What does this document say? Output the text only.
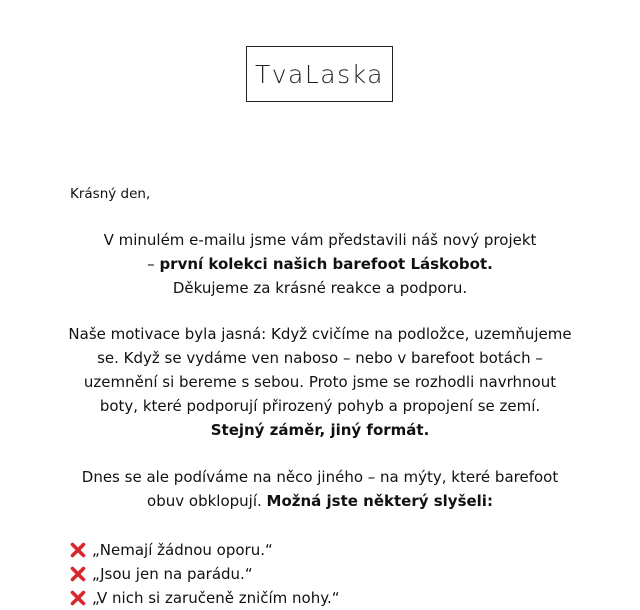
TvaLaska
Krásný den,
V minulém e-mailu jsme vám představili náš nový projekt
– první kolekci našich barefoot Láskobot.
Děkujeme za krásné reakce a podporu.
Naše motivace byla jasná: Když cvičíme na podložce, uzemňujeme
se. Když se vydáme ven naboso – nebo v barefoot botách –
uzemnění si bereme s sebou. Proto jsme se rozhodli navrhnout
boty, které podporují přirozený pohyb a propojení se zemí.
Stejný záměr, jiný formát.
Dnes se ale podíváme na něco jiného – na mýty, které barefoot
obuv obklopují. Možná jste některý slyšeli:
„Nemají žádnou oporu.“
„Jsou jen na parádu.“
„V nich si zaručeně zničím nohy.“
